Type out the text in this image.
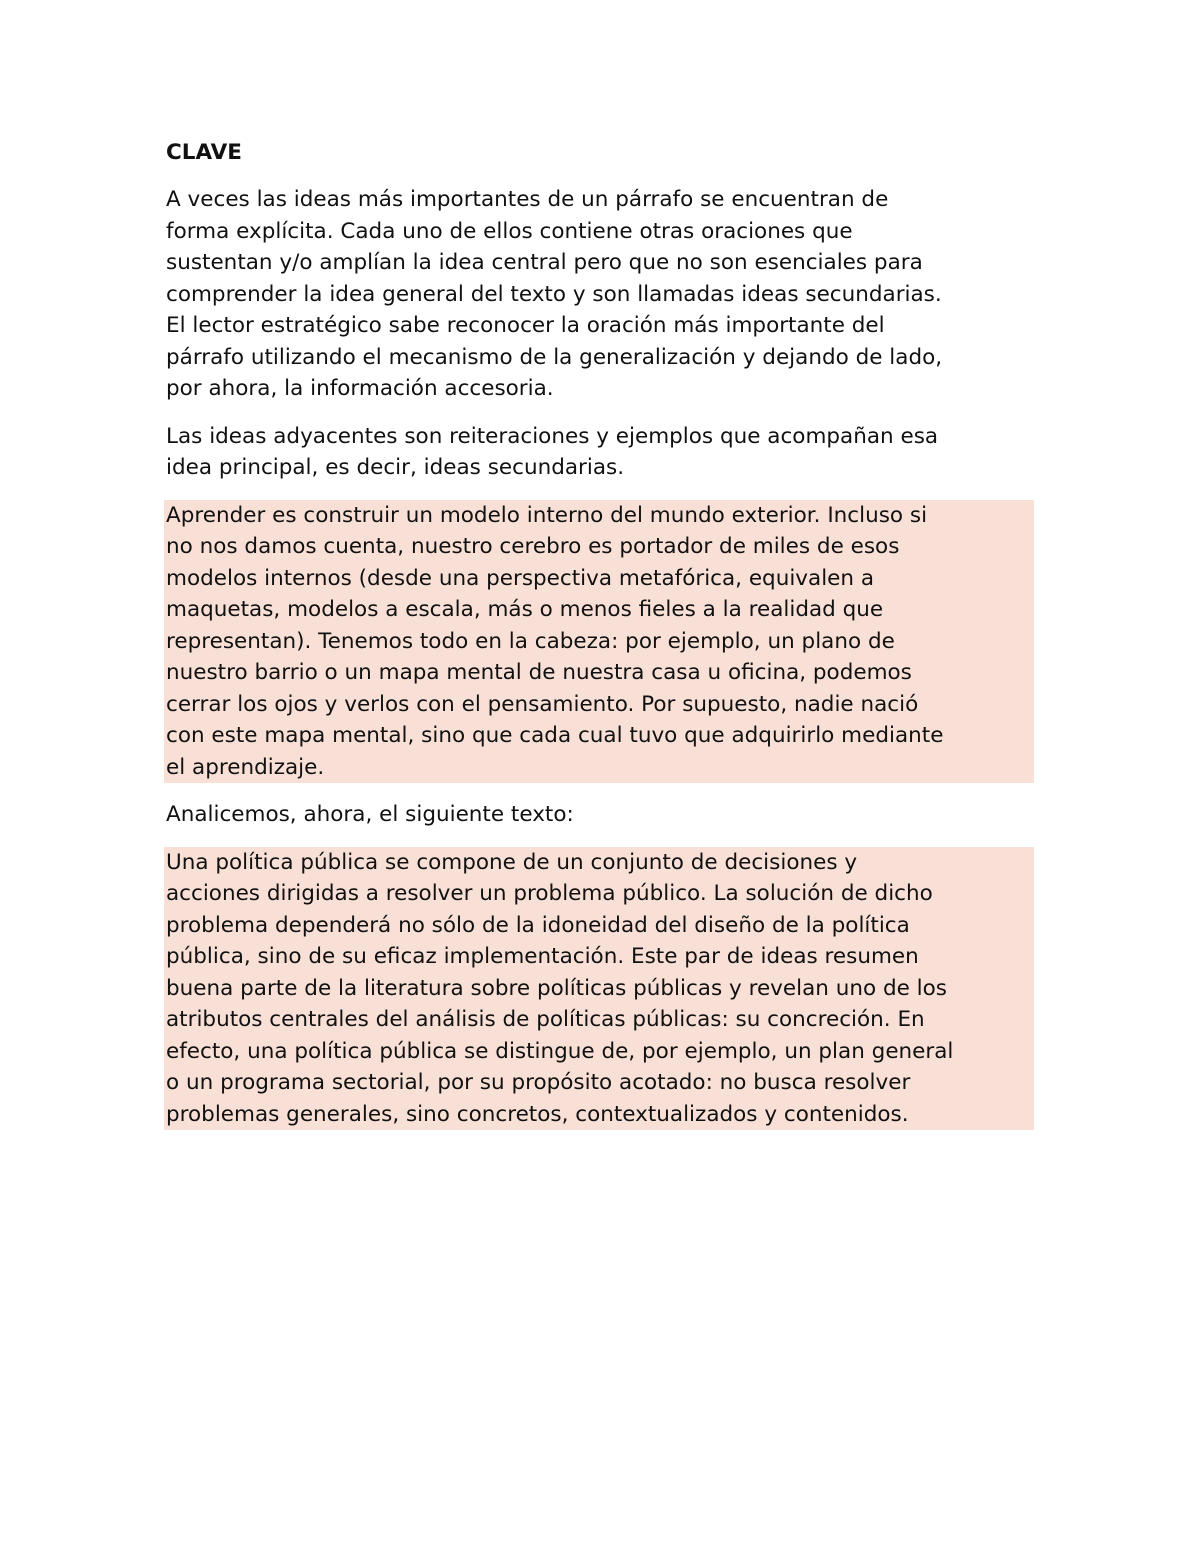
CLAVE
A veces las ideas más importantes de un párrafo se encuentran de
forma explícita. Cada uno de ellos contiene otras oraciones que
sustentan y/o amplían la idea central pero que no son esenciales para
comprender la idea general del texto y son llamadas ideas secundarias.
El lector estratégico sabe reconocer la oración más importante del
párrafo utilizando el mecanismo de la generalización y dejando de lado,
por ahora, la información accesoria.
Las ideas adyacentes son reiteraciones y ejemplos que acompañan esa
idea principal, es decir, ideas secundarias.
Aprender es construir un modelo interno del mundo exterior. Incluso si
no nos damos cuenta, nuestro cerebro es portador de miles de esos
modelos internos (desde una perspectiva metafórica, equivalen a
maquetas, modelos a escala, más o menos fieles a la realidad que
representan). Tenemos todo en la cabeza: por ejemplo, un plano de
nuestro barrio o un mapa mental de nuestra casa u oficina, podemos
cerrar los ojos y verlos con el pensamiento. Por supuesto, nadie nació
con este mapa mental, sino que cada cual tuvo que adquirirlo mediante
el aprendizaje.
Analicemos, ahora, el siguiente texto:
Una política pública se compone de un conjunto de decisiones y
acciones dirigidas a resolver un problema público. La solución de dicho
problema dependerá no sólo de la idoneidad del diseño de la política
pública, sino de su eficaz implementación. Este par de ideas resumen
buena parte de la literatura sobre políticas públicas y revelan uno de los
atributos centrales del análisis de políticas públicas: su concreción. En
efecto, una política pública se distingue de, por ejemplo, un plan general
o un programa sectorial, por su propósito acotado: no busca resolver
problemas generales, sino concretos, contextualizados y contenidos.
